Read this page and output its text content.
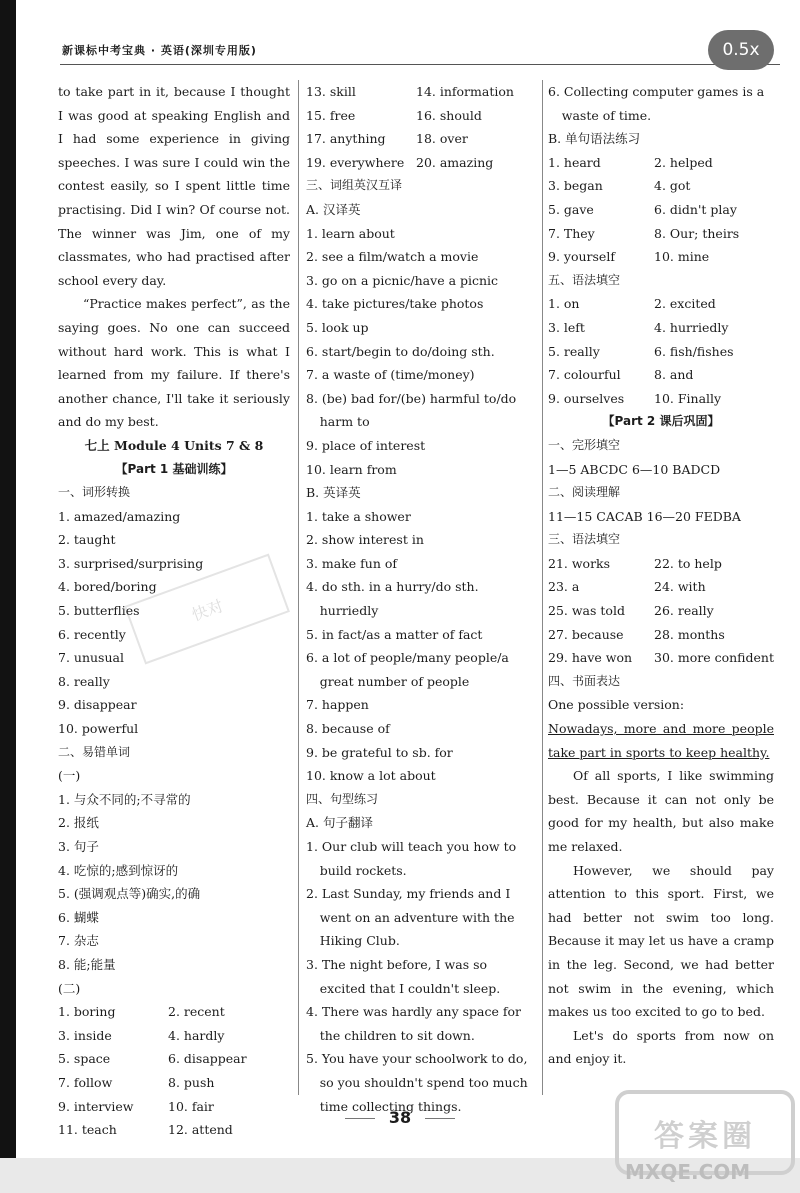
新课标中考宝典 · 英语(深圳专用版)	0.5x
快对

to take part in it, because I thought I was good at speaking English and I had some experience in giving speeches. I was sure I could win the contest easily, so I spent little time practising. Did I win? Of course not. The winner was Jim, one of my classmates, who had practised after school every day.

“Practice makes perfect”, as the saying goes. No one can succeed without hard work. This is what I learned from my failure. If there's another chance, I'll take it seriously and do my best.

七上 Module 4 Units 7 & 8
【Part 1 基础训练】
一、词形转换
1. amazed/amazing
2. taught
3. surprised/surprising
4. bored/boring
5. butterflies
6. recently
7. unusual
8. really
9. disappear
10. powerful
二、易错单词
(一)
1. 与众不同的;不寻常的
2. 报纸
3. 句子
4. 吃惊的;感到惊讶的
5. (强调观点等)确实,的确
6. 蝴蝶
7. 杂志
8. 能;能量
(二)
1. boring	2. recent
3. inside	4. hardly
5. space	6. disappear
7. follow	8. push
9. interview	10. fair
11. teach	12. attend
13. skill	14. information
15. free	16. should
17. anything	18. over
19. everywhere 20. amazing
三、词组英汉互译
A. 汉译英

1. learn about

2. see a film/watch a movie

3. go on a picnic/have a picnic

4. take pictures/take photos

5. look up

6. start/begin to do/doing sth.

7. a waste of (time/money)

8. (be) bad for/(be) harmful to/do harm to

9. place of interest

10. learn from

B. 英译英

1. take a shower

2. show interest in

3. make fun of

4. do sth. in a hurry/do sth. hurriedly

5. in fact/as a matter of fact

6. a lot of people/many people/a great number of people

7. happen

8. because of

9. be grateful to sb. for

10. know a lot about

四、句型练习
A. 句子翻译

1. Our club will teach you how to build rockets.

2. Last Sunday, my friends and I went on an adventure with the Hiking Club.

3. The night before, I was so excited that I couldn't sleep.

4. There was hardly any space for the children to sit down.

5. You have your schoolwork to do, so you shouldn't spend too much time collecting things.

6. Collecting computer games is a waste of time.

B. 单句语法练习
1. heard	2. helped
3. began	4. got
5. gave	6. didn't play
7. They	8. Our; theirs
9. yourself	10. mine
五、语法填空
1. on	2. excited
3. left	4. hurriedly
5. really	6. fish/fishes
7. colourful	8. and
9. ourselves	10. Finally
【Part 2 课后巩固】
一、完形填空
1—5 ABCDC 6—10 BADCD
二、阅读理解
11—15 CACAB 16—20 FEDBA
三、语法填空
21. works	22. to help
23. a	24. with
25. was told	26. really
27. because	28. months
29. have won	30. more confident
四、书面表达
One possible version:

Nowadays, more and more people take part in sports to keep healthy.

Of all sports, I like swimming best. Because it can not only be good for my health, but also make me relaxed.

However, we should pay attention to this sport. First, we had better not swim too long. Because it may let us have a cramp in the leg. Second, we had better not swim in the evening, which makes us too excited to go to bed.

Let's do sports from now on and enjoy it.

38
答案圈
MXQE.COM
